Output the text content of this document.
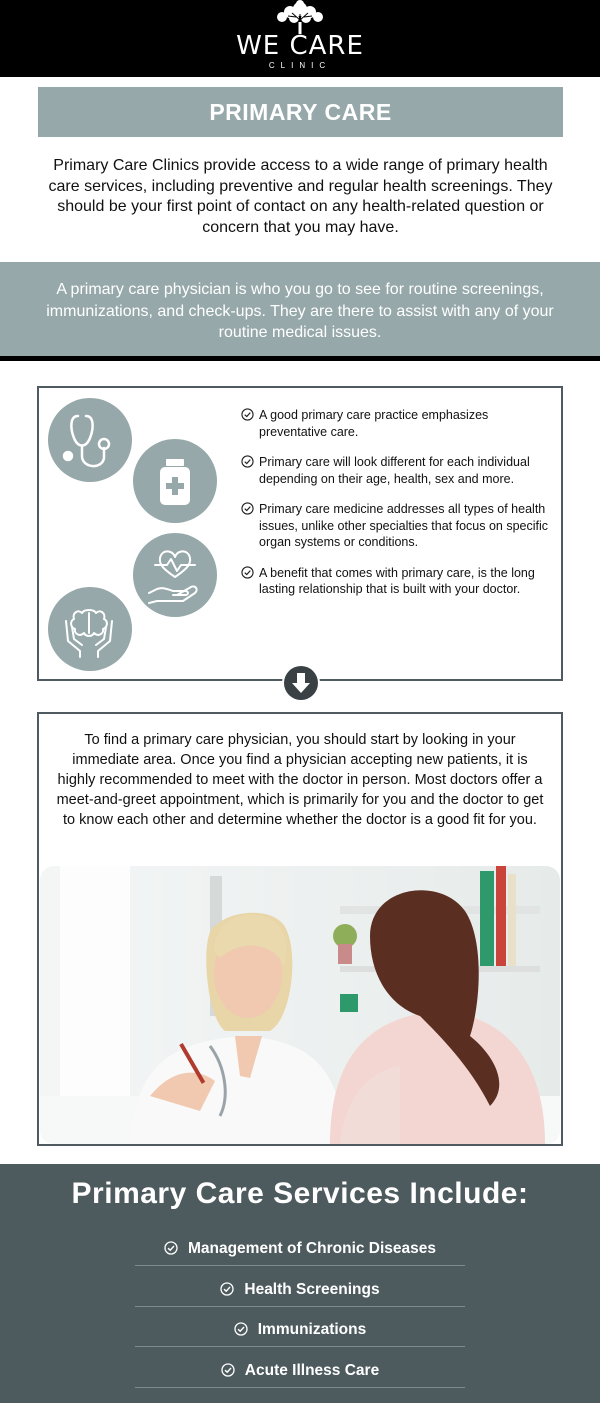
WE CARE
CLINIC
PRIMARY CARE

Primary Care Clinics provide access to a wide range of primary health care services, including preventive and regular health screenings. They should be your first point of contact on any health-related question or concern that you may have.

A primary care physician is who you go to see for routine screenings, immunizations, and check-ups. They are there to assist with any of your routine medical issues.

A good primary care practice emphasizes preventative care.
Primary care will look different for each individual depending on their age, health, sex and more.
Primary care medicine addresses all types of health issues, unlike other specialties that focus on specific organ systems or conditions.
A benefit that comes with primary care, is the long lasting relationship that is built with your doctor.

To find a primary care physician, you should start by looking in your immediate area. Once you find a physician accepting new patients, it is highly recommended to meet with the doctor in person. Most doctors offer a meet-and-greet appointment, which is primarily for you and the doctor to get to know each other and determine whether the doctor is a good fit for you.

Primary Care Services Include:
Management of Chronic Diseases
Health Screenings
Immunizations
Acute Illness Care
